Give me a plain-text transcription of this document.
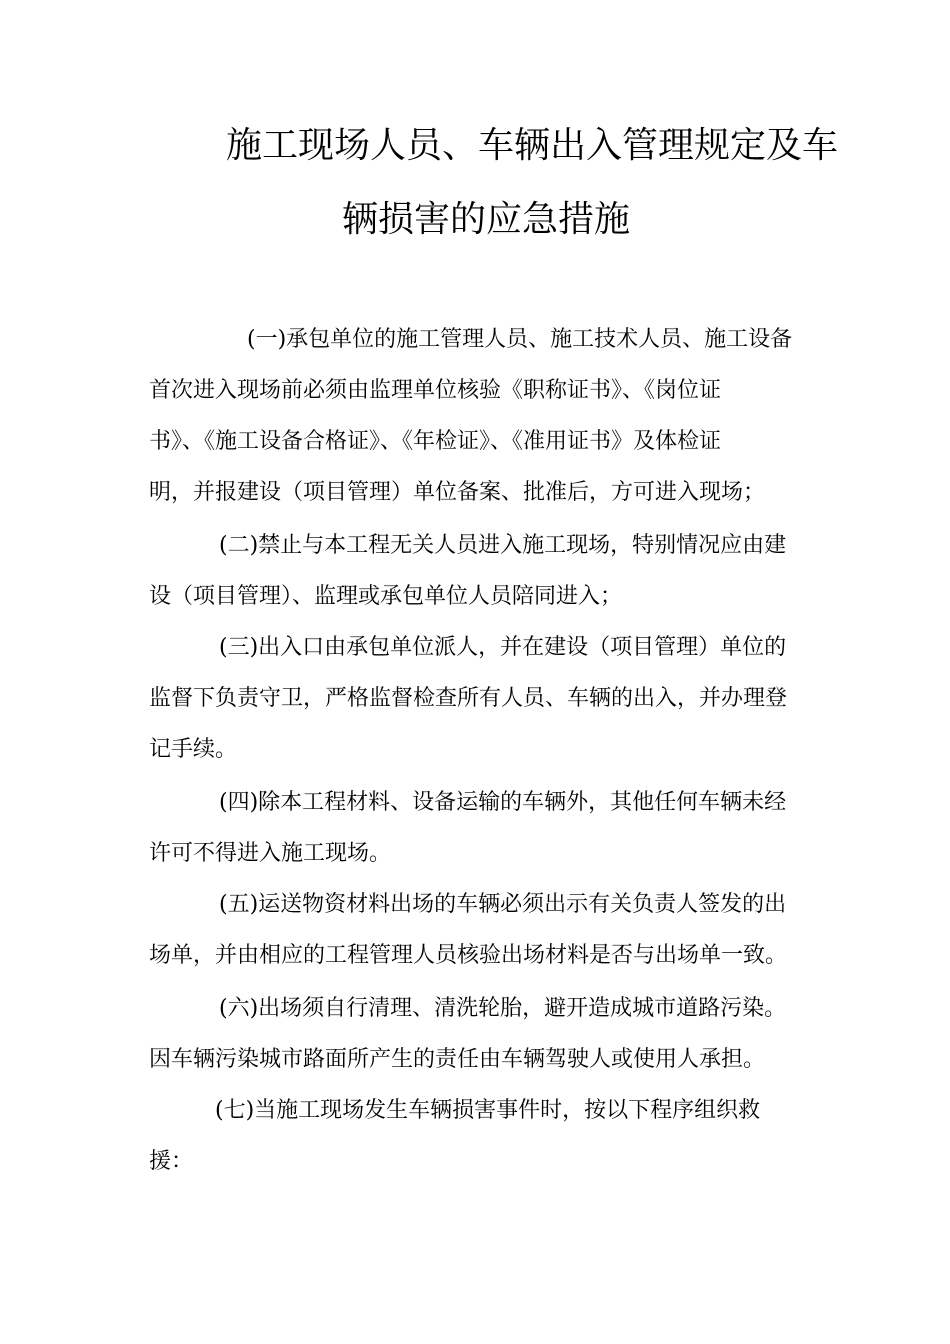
施工现场人员、车辆出入管理规定及车
辆损害的应急措施
(一)承包单位的施工管理人员、施工技术人员、施工设备
首次进入现场前必须由监理单位核验《职称证书》、《岗位证
书》、《施工设备合格证》、《年检证》、《准用证书》及体检证
明，并报建设（项目管理）单位备案、批准后，方可进入现场；
(二)禁止与本工程无关人员进入施工现场，特别情况应由建
设（项目管理）、监理或承包单位人员陪同进入；
(三)出入口由承包单位派人，并在建设（项目管理）单位的
监督下负责守卫，严格监督检查所有人员、车辆的出入，并办理登
记手续。
(四)除本工程材料、设备运输的车辆外，其他任何车辆未经
许可不得进入施工现场。
(五)运送物资材料出场的车辆必须出示有关负责人签发的出
场单，并由相应的工程管理人员核验出场材料是否与出场单一致。
(六)出场须自行清理、清洗轮胎，避开造成城市道路污染。
因车辆污染城市路面所产生的责任由车辆驾驶人或使用人承担。
(七)当施工现场发生车辆损害事件时，按以下程序组织救
援：
